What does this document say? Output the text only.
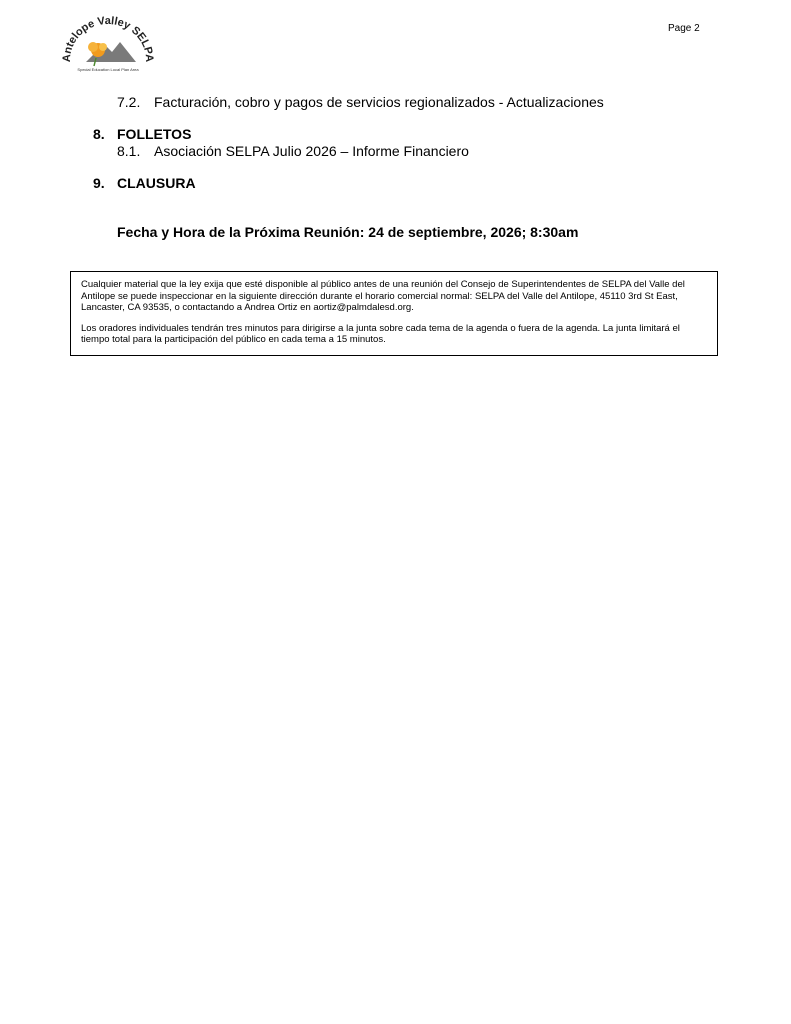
Antelope Valley SELPA
Special Education Local Plan Area
Page 2
7.2. Facturación, cobro y pagos de servicios regionalizados - Actualizaciones
8. FOLLETOS
8.1. Asociación SELPA Julio 2026 – Informe Financiero
9. CLAUSURA
Fecha y Hora de la Próxima Reunión: 24 de septiembre, 2026; 8:30am

Cualquier material que la ley exija que esté disponible al público antes de una reunión del Consejo de Superintendentes de SELPA del Valle del Antilope se puede inspeccionar en la siguiente dirección durante el horario comercial normal: SELPA del Valle del Antilope, 45110 3rd St East, Lancaster, CA 93535, o contactando a Andrea Ortiz en aortiz@palmdalesd.org.

Los oradores individuales tendrán tres minutos para dirigirse a la junta sobre cada tema de la agenda o fuera de la agenda. La junta limitará el tiempo total para la participación del público en cada tema a 15 minutos.
